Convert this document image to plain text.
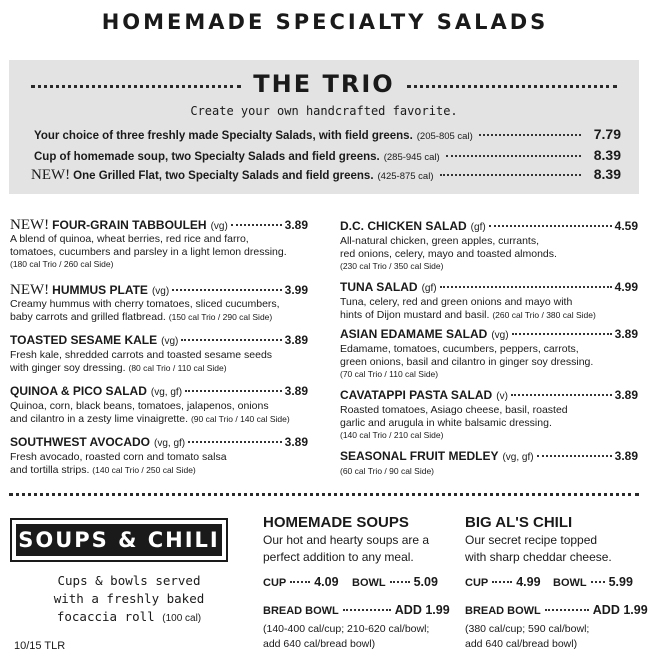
HOMEMADE SPECIALTY SALADS
THE TRIO
Create your own handcrafted favorite.
Your choice of three freshly made Specialty Salads, with field greens. (205-805 cal)	7.79
Cup of homemade soup, two Specialty Salads and field greens. (285-945 cal)	8.39
NEW! One Grilled Flat, two Specialty Salads and field greens. (425-875 cal)	8.39
NEW! FOUR-GRAIN TABBOULEH (vg)	3.89
A blend of quinoa, wheat berries, red rice and farro,
tomatoes, cucumbers and parsley in a light lemon dressing.
(180 cal Trio / 260 cal Side)
NEW! HUMMUS PLATE (vg)	3.99
Creamy hummus with cherry tomatoes, sliced cucumbers,
baby carrots and grilled flatbread. (150 cal Trio / 290 cal Side)
TOASTED SESAME KALE (vg)	3.89
Fresh kale, shredded carrots and toasted sesame seeds
with ginger soy dressing. (80 cal Trio / 110 cal Side)
QUINOA & PICO SALAD (vg, gf)	3.89
Quinoa, corn, black beans, tomatoes, jalapenos, onions
and cilantro in a zesty lime vinaigrette. (90 cal Trio / 140 cal Side)
SOUTHWEST AVOCADO (vg, gf)	3.89
Fresh avocado, roasted corn and tomato salsa
and tortilla strips. (140 cal Trio / 250 cal Side)
D.C. CHICKEN SALAD (gf)	4.59
All-natural chicken, green apples, currants,
red onions, celery, mayo and toasted almonds.
(230 cal Trio / 350 cal Side)
TUNA SALAD (gf)	4.99
Tuna, celery, red and green onions and mayo with
hints of Dijon mustard and basil. (260 cal Trio / 380 cal Side)
ASIAN EDAMAME SALAD (vg)	3.89
Edamame, tomatoes, cucumbers, peppers, carrots,
green onions, basil and cilantro in ginger soy dressing.
(70 cal Trio / 110 cal Side)
CAVATAPPI PASTA SALAD (v)	3.89
Roasted tomatoes, Asiago cheese, basil, roasted
garlic and arugula in white balsamic dressing.
(140 cal Trio / 210 cal Side)
SEASONAL FRUIT MEDLEY (vg, gf)	3.89
(60 cal Trio / 90 cal Side)
SOUPS & CHILI
Cups & bowls served
with a freshly baked
focaccia roll (100 cal)
HOMEMADE SOUPS
Our hot and hearty soups are a
perfect addition to any meal.
CUP 4.09 BOWL 5.09
BREAD BOWL	ADD 1.99
(140-400 cal/cup; 210-620 cal/bowl;
add 640 cal/bread bowl)
BIG AL'S CHILI
Our secret recipe topped
with sharp cheddar cheese.
CUP 4.99 BOWL 5.99
BREAD BOWL	ADD 1.99
(380 cal/cup; 590 cal/bowl;
add 640 cal/bread bowl)
10/15 TLR
